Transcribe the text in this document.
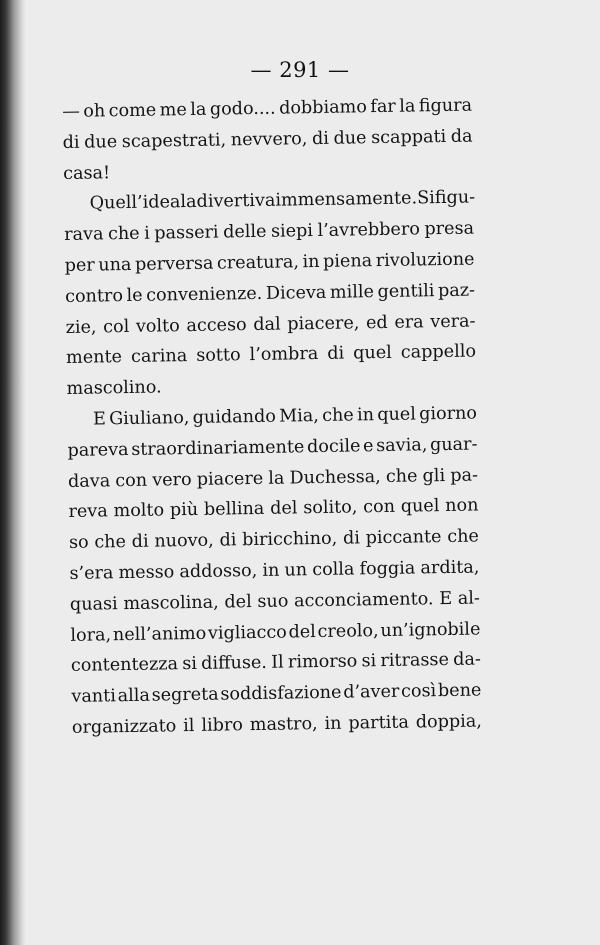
— 291 —
— oh come me la godo.... dobbiamo far la figura
di due scapestrati, nevvero, di due scappati da
casa!
Quell’idea la divertiva immensamente. Si figu-
rava che i passeri delle siepi l’avrebbero presa
per una perversa creatura, in piena rivoluzione
contro le convenienze. Diceva mille gentili paz-
zie, col volto acceso dal piacere, ed era vera-
mente carina sotto l’ombra di quel cappello
mascolino.
E Giuliano, guidando Mia, che in quel giorno
pareva straordinariamente docile e savia, guar-
dava con vero piacere la Duchessa, che gli pa-
reva molto più bellina del solito, con quel non
so che di nuovo, di biricchino, di piccante che
s’era messo addosso, in un colla foggia ardita,
quasi mascolina, del suo acconciamento. E al-
lora, nell’animo vigliacco del creolo, un’ignobile
contentezza si diffuse. Il rimorso si ritrasse da-
vanti alla segreta soddisfazione d’aver così bene
organizzato il libro mastro, in partita doppia,
